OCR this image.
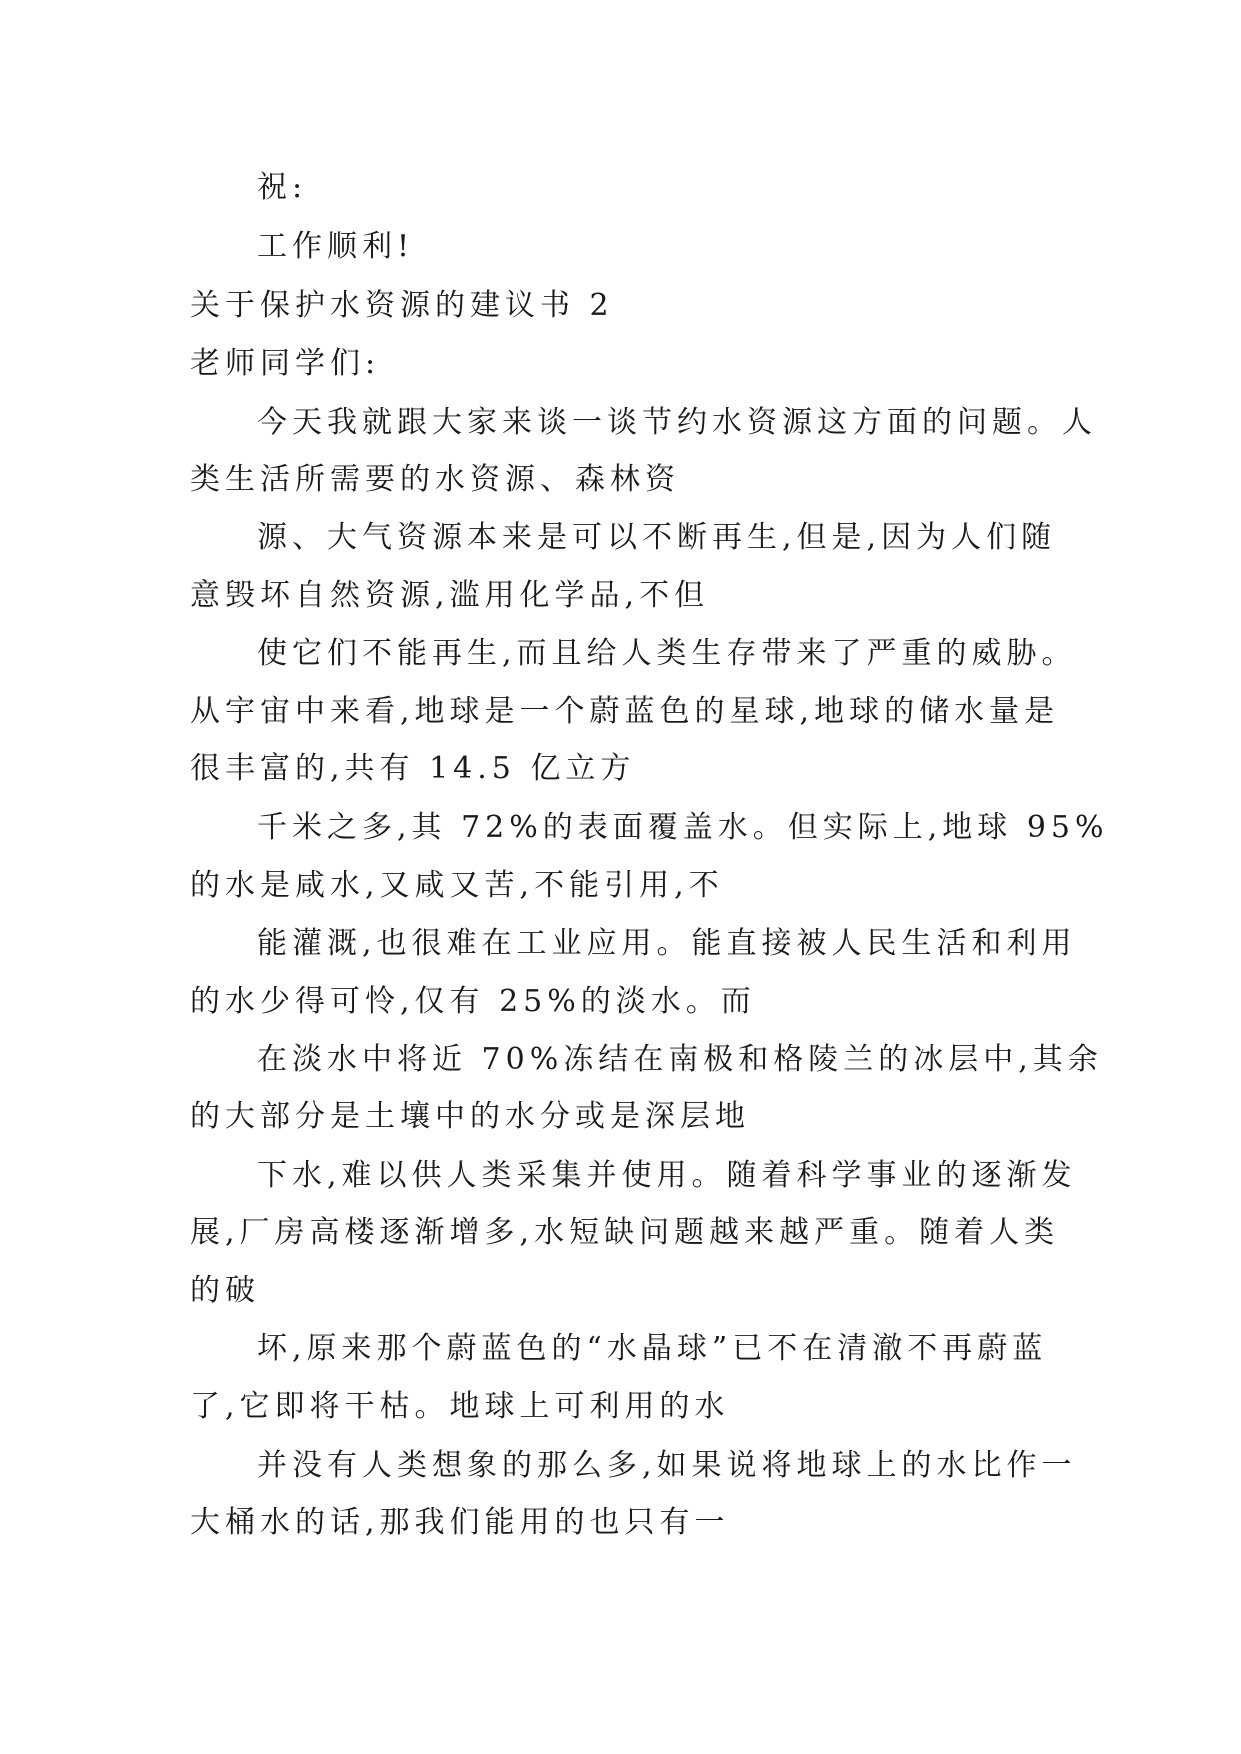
祝:
工作顺利!
关于保护水资源的建议书 2
老师同学们:
今天我就跟大家来谈一谈节约水资源这方面的问题。人
类生活所需要的水资源、森林资
源、大气资源本来是可以不断再生,但是,因为人们随
意毁坏自然资源,滥用化学品,不但
使它们不能再生,而且给人类生存带来了严重的威胁。
从宇宙中来看,地球是一个蔚蓝色的星球,地球的储水量是
很丰富的,共有 14.5 亿立方
千米之多,其 72%的表面覆盖水。但实际上,地球 95%
的水是咸水,又咸又苦,不能引用,不
能灌溉,也很难在工业应用。能直接被人民生活和利用
的水少得可怜,仅有 25%的淡水。而
在淡水中将近 70%冻结在南极和格陵兰的冰层中,其余
的大部分是土壤中的水分或是深层地
下水,难以供人类采集并使用。随着科学事业的逐渐发
展,厂房高楼逐渐增多,水短缺问题越来越严重。随着人类
的破
坏,原来那个蔚蓝色的“水晶球”已不在清澈不再蔚蓝
了,它即将干枯。地球上可利用的水
并没有人类想象的那么多,如果说将地球上的水比作一
大桶水的话,那我们能用的也只有一
